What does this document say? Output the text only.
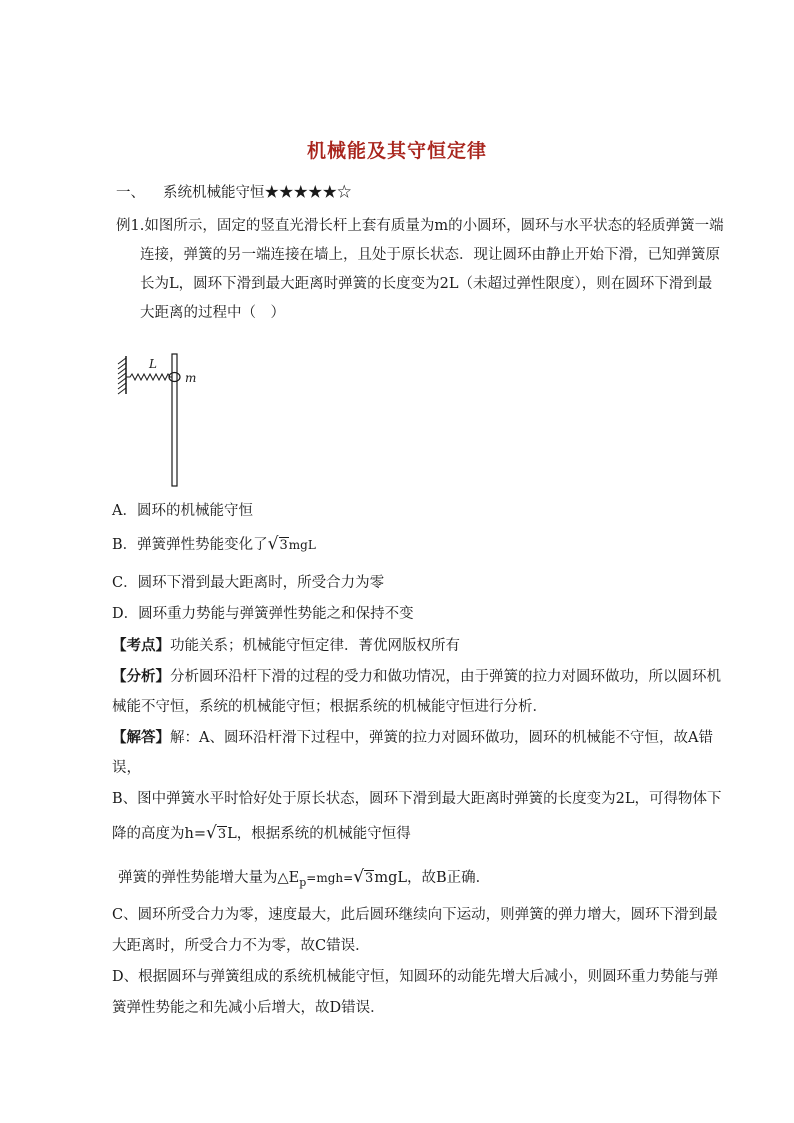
机械能及其守恒定律
一、 系统机械能守恒★★★★★☆
例1.如图所示，固定的竖直光滑长杆上套有质量为m的小圆环，圆环与水平状态的轻质弹簧一端
连接，弹簧的另一端连接在墙上，且处于原长状态．现让圆环由静止开始下滑，已知弹簧原
长为L，圆环下滑到最大距离时弹簧的长度变为2L（未超过弹性限度），则在圆环下滑到最
大距离的过程中（　）
L
m
A．圆环的机械能守恒
B．弹簧弹性势能变化了√3mgL
C．圆环下滑到最大距离时，所受合力为零
D．圆环重力势能与弹簧弹性势能之和保持不变
【考点】功能关系；机械能守恒定律．菁优网版权所有
【分析】分析圆环沿杆下滑的过程的受力和做功情况，由于弹簧的拉力对圆环做功，所以圆环机
械能不守恒，系统的机械能守恒；根据系统的机械能守恒进行分析．
【解答】解：A、圆环沿杆滑下过程中，弹簧的拉力对圆环做功，圆环的机械能不守恒，故A错
误，
B、图中弹簧水平时恰好处于原长状态，圆环下滑到最大距离时弹簧的长度变为2L，可得物体下
降的高度为h=√3L，根据系统的机械能守恒得
弹簧的弹性势能增大量为$\triangle E_p=mgh=√3mgL$，故B正确．
C、圆环所受合力为零，速度最大，此后圆环继续向下运动，则弹簧的弹力增大，圆环下滑到最
大距离时，所受合力不为零，故C错误．
D、根据圆环与弹簧组成的系统机械能守恒，知圆环的动能先增大后减小，则圆环重力势能与弹
簧弹性势能之和先减小后增大，故D错误．
